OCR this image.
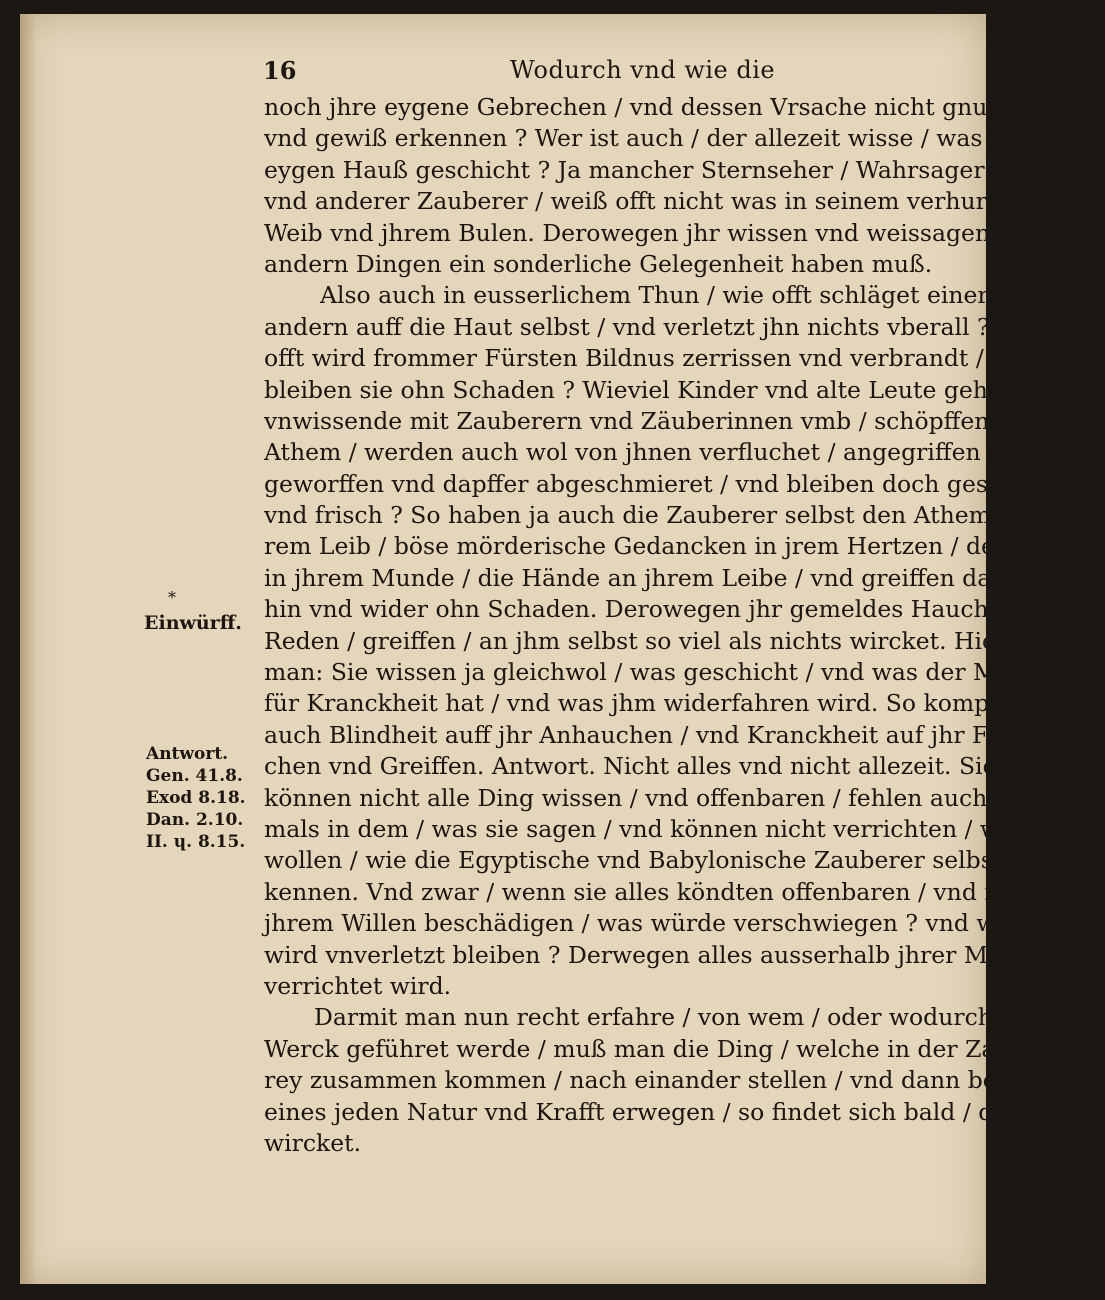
16	Wodurch vnd wie die
noch jhre eygene Gebrechen / vnd dessen Vrsache nicht gnugsamb
vnd gewiß erkennen ? Wer ist auch / der allezeit wisse / was in seinem
eygen Hauß geschicht ? Ja mancher Sternseher / Wahrsager /
vnd anderer Zauberer / weiß offt nicht was in seinem verhureten
Weib vnd jhrem Bulen. Derowegen jhr wissen vnd weissagen von
andern Dingen ein sonderliche Gelegenheit haben muß.
Also auch in eusserlichem Thun / wie offt schläget einer den
andern auff die Haut selbst / vnd verletzt jhn nichts vberall ? Wie
offt wird frommer Fürsten Bildnus zerrissen vnd verbrandt / vnd
bleiben sie ohn Schaden ? Wieviel Kinder vnd alte Leute gehen
vnwissende mit Zauberern vnd Zäuberinnen vmb / schöpffen jhren
Athem / werden auch wol von jhnen verfluchet / angegriffen / nider-
geworffen vnd dapffer abgeschmieret / vnd bleiben doch gesund
vnd frisch ? So haben ja auch die Zauberer selbst den Athem in jh-
rem Leib / böse mörderische Gedancken in jrem Hertzen / den Fluch
in jhrem Munde / die Hände an jhrem Leibe / vnd greiffen darmit
hin vnd wider ohn Schaden. Derowegen jhr gemeldes Hauchen /
Reden / greiffen / an jhm selbst so viel als nichts wircket. Hie spricht
man: Sie wissen ja gleichwol / was geschicht / vnd was der Mensch
für Kranckheit hat / vnd was jhm widerfahren wird. So kompt
auch Blindheit auff jhr Anhauchen / vnd Kranckheit auf jhr Flu-
chen vnd Greiffen. Antwort. Nicht alles vnd nicht allezeit. Sie
können nicht alle Ding wissen / vnd offenbaren / fehlen auch viel-
mals in dem / was sie sagen / vnd können nicht verrichten / was sie
wollen / wie die Egyptische vnd Babylonische Zauberer selbst be-
kennen. Vnd zwar / wenn sie alles köndten offenbaren / vnd nach
jhrem Willen beschädigen / was würde verschwiegen ? vnd wer
wird vnverletzt bleiben ? Derwegen alles ausserhalb jhrer Mittel
verrichtet wird.
Darmit man nun recht erfahre / von wem / oder wodurch jhr
Werck geführet werde / muß man die Ding / welche in der Zaube-
rey zusammen kommen / nach einander stellen / vnd dann besonders
eines jeden Natur vnd Krafft erwegen / so findet sich bald / der da
wircket.
*
Einwürff.
Antwort.
Gen. 41.8.
Exod 8.18.
Dan. 2.10.
II. ɥ. 8.15.
Es
